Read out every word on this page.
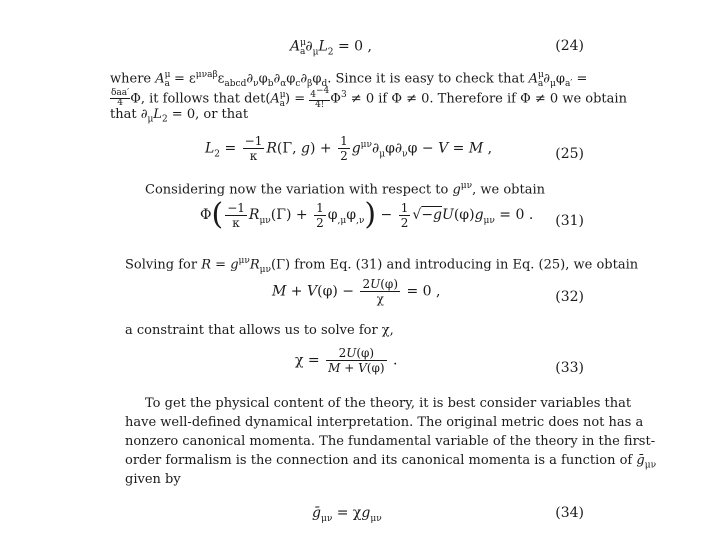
$A^\mu_a\partial_\mu L_2 = 0$ ,	(24)
where $A^\mu_a = \varepsilon^{\mu\nu a\beta}\varepsilon_{abcd}\partial_\nu\varphi_b\partial_\alpha\varphi_c\partial_\beta\varphi_d$. Since it is easy to check that $A^\mu_a\partial_\mu\varphi_{a'}$ =
$\frac{\text{δaa′}}{4} \Phi$, it follows that $\det(A^\mu_a) = \frac{4^{-4}}{4!} \Phi^3 \ne 0$ if Φ ≠ 0. Therefore if Φ ≠ 0 we obtain
that $\partial_\mu L_2 = 0$, or that
$L_2 = \frac{-1}{\kappa} R(\Gamma$, $g) + \frac{1}{2} g^{\mu\nu}\partial_\mu\varphi\partial_\nu\varphi - V = M$ ,	(25)
Considering now the variation with respect to $g^{\mu\nu}$, we obtain
$\Phi( \frac{-1}{\kappa} R_{\mu\nu}(\Gamma) + \frac{1}{2} \varphi_{,\mu}\varphi_{,\nu}) - \frac{1}{2} √-gU(\varphi)g_{\mu\nu} = 0$ . (31)
Solving for $R = g^{\mu\nu}R_{\mu\nu}(\Gamma)$ from Eq. (31) and introducing in Eq. (25), we obtain
$M + V(\varphi) - \frac{2U(\varphi)}{\chi} = 0$ ,	(32)
a constraint that allows us to solve for χ,
$\chi = \frac{2U(\varphi)}{M + V(\varphi)}$ .	(33)
To get the physical content of the theory, it is best consider variables that
have well-defined dynamical interpretation. The original metric does not has a
nonzero canonical momenta. The fundamental variable of the theory in the first-
order formalism is the connection and its canonical momenta is a function of ḡ$_{\mu\nu}$
given by
ḡ$_{\mu\nu}$ = $\chi g_{\mu\nu}$	(34)
